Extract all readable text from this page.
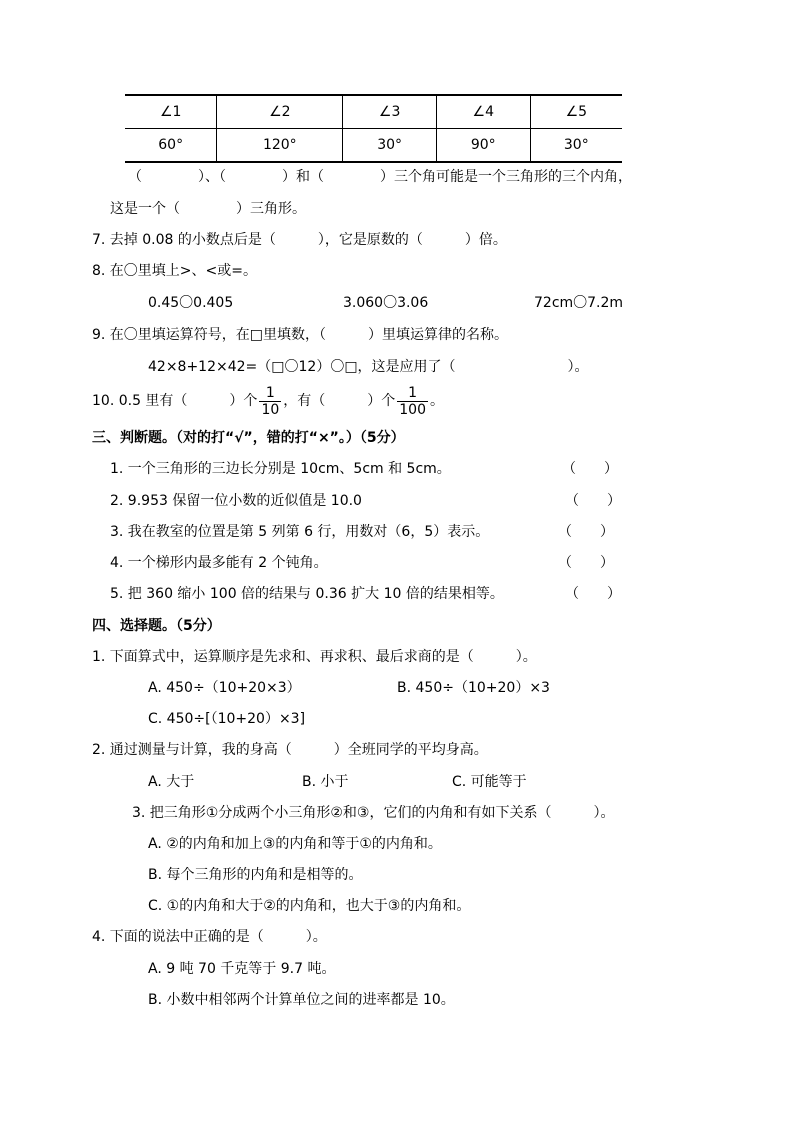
∠1	∠2	∠3	∠4	∠5
60°	120°	30°	90°	30°
（　　　　）、（　　　　）和（　　　　）三个角可能是一个三角形的三个内角，
这是一个（　　　　）三角形。
7. 去掉 0.08 的小数点后是（　　　），它是原数的（　　　）倍。
8. 在〇里填上>、<或=。
0.45〇0.405	3.060〇3.06	72cm〇7.2m
9. 在〇里填运算符号，在□里填数，（　　　）里填运算律的名称。
42×8+12×42=（□〇12）〇□，这是应用了（　　　　　　　　）。
10. 0.5 里有（　　　）个 $\frac{1}{10}$ ，有（　　　）个 $\frac{1}{100}$ 。
三、判断题。（对的打“√”，错的打“×”。）（5分）
1. 一个三角形的三边长分别是 10cm、5cm 和 5cm。	（　　）
2. 9.953 保留一位小数的近似值是 10.0	（　　）
3. 我在教室的位置是第 5 列第 6 行，用数对（6，5）表示。	（　　）
4. 一个梯形内最多能有 2 个钝角。	（　　）
5. 把 360 缩小 100 倍的结果与 0.36 扩大 10 倍的结果相等。	（　　）
四、选择题。（5分）
1. 下面算式中，运算顺序是先求和、再求积、最后求商的是（　　　）。
A. 450÷（10+20×3）	B. 450÷（10+20）×3
C. 450÷[（10+20）×3]
2. 通过测量与计算，我的身高（　　　）全班同学的平均身高。
A. 大于	B. 小于	C. 可能等于
3. 把三角形①分成两个小三角形②和③，它们的内角和有如下关系（　　　）。
A. ②的内角和加上③的内角和等于①的内角和。
B. 每个三角形的内角和是相等的。
C. ①的内角和大于②的内角和，也大于③的内角和。
4. 下面的说法中正确的是（　　　）。
A. 9 吨 70 千克等于 9.7 吨。
B. 小数中相邻两个计算单位之间的进率都是 10。
